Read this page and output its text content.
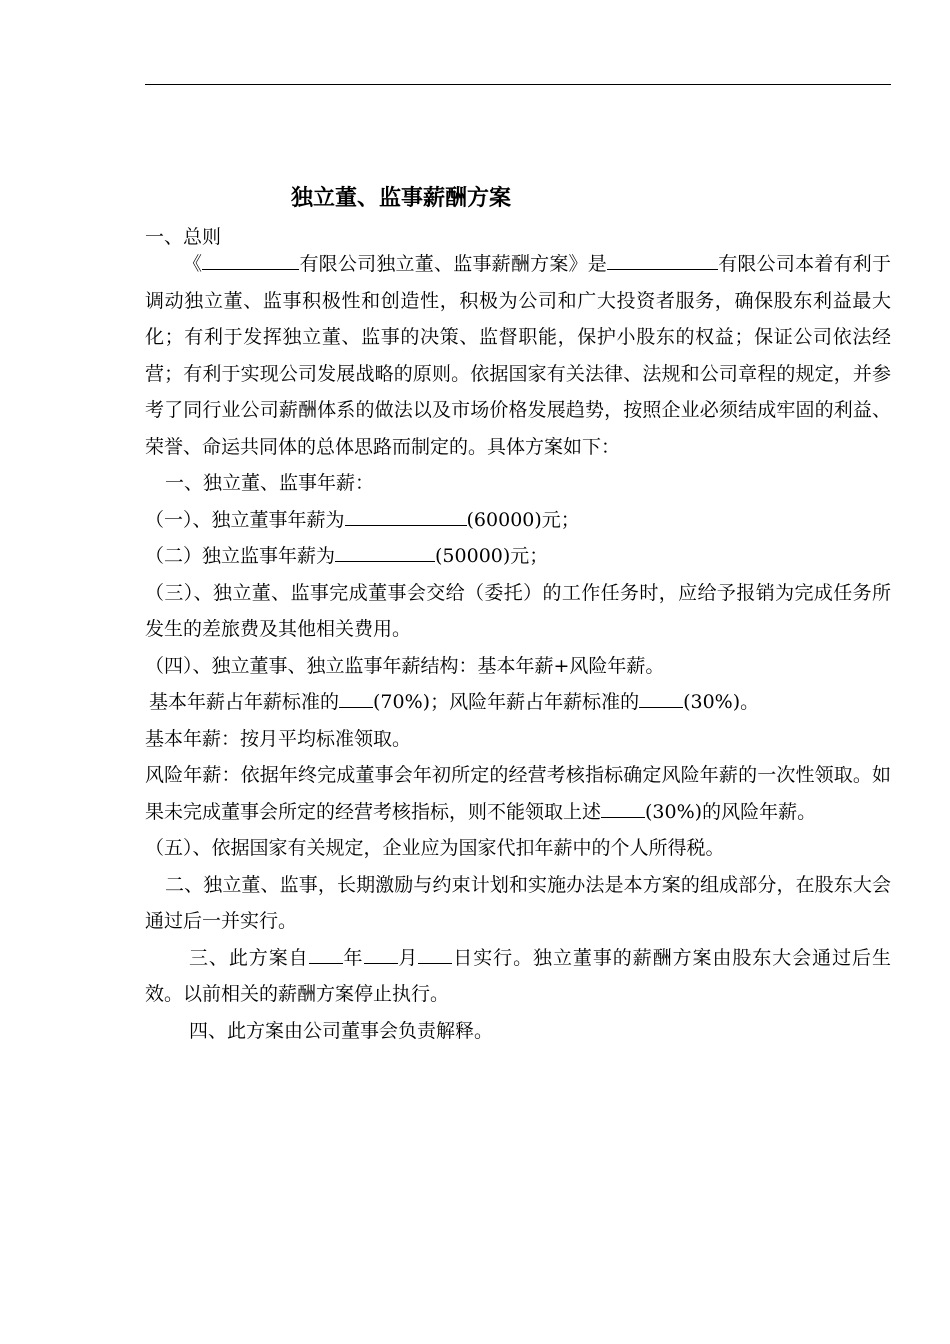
独立董、监事薪酬方案
一、总则

《	有限公司独立董、监事薪酬方案》是	有限公司本着有利于调动独立董、监事积极性和创造性，积极为公司和广大投资者服务，确保股东利益最大化；有利于发挥独立董、监事的决策、监督职能，保护小股东的权益；保证公司依法经营；有利于实现公司发展战略的原则。依据国家有关法律、法规和公司章程的规定，并参考了同行业公司薪酬体系的做法以及市场价格发展趋势，按照企业必须结成牢固的利益、荣誉、命运共同体的总体思路而制定的。具体方案如下：

一、独立董、监事年薪：

（一）、独立董事年薪为	(60000)元；

（二）独立监事年薪为	(50000)元；

（三）、独立董、监事完成董事会交给（委托）的工作任务时，应给予报销为完成任务所发生的差旅费及其他相关费用。

（四）、独立董事、独立监事年薪结构：基本年薪+风险年薪。

基本年薪占年薪标准的 (70%)；风险年薪占年薪标准的 (30%)。

基本年薪：按月平均标准领取。

风险年薪：依据年终完成董事会年初所定的经营考核指标确定风险年薪的一次性领取。如果未完成董事会所定的经营考核指标，则不能领取上述 (30%)的风险年薪。

（五）、依据国家有关规定，企业应为国家代扣年薪中的个人所得税。

二、独立董、监事，长期激励与约束计划和实施办法是本方案的组成部分，在股东大会通过后一并实行。

三、此方案自 年 月 日实行。独立董事的薪酬方案由股东大会通过后生效。以前相关的薪酬方案停止执行。

四、此方案由公司董事会负责解释。
